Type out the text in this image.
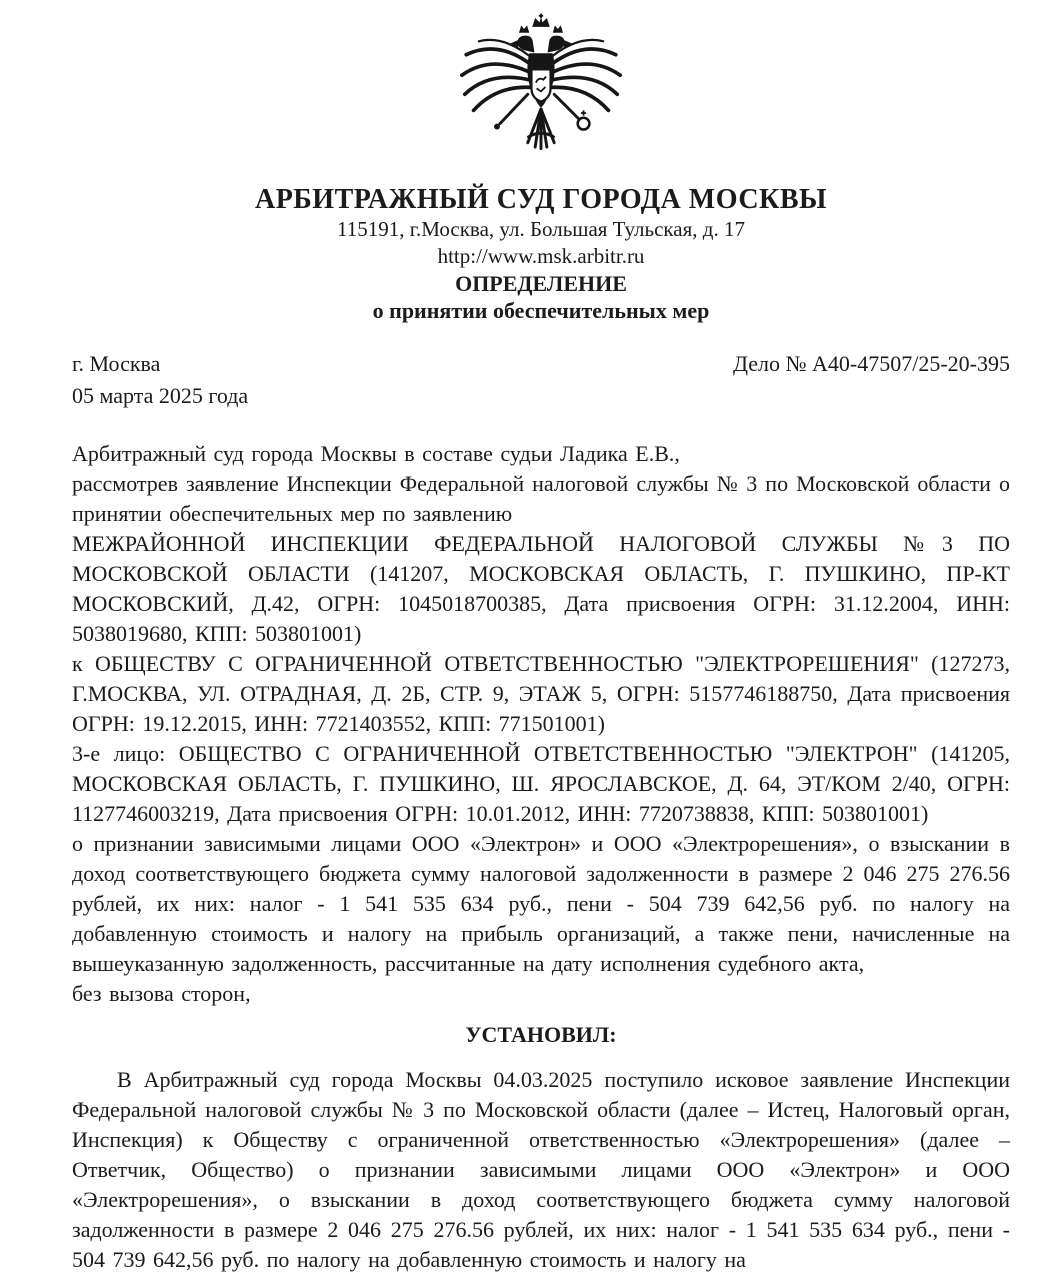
АРБИТРАЖНЫЙ СУД ГОРОДА МОСКВЫ
115191, г.Москва, ул. Большая Тульская, д. 17
http://www.msk.arbitr.ru
ОПРЕДЕЛЕНИЕ
о принятии обеспечительных мер
г. Москва
05 марта 2025 года
Дело № А40-47507/25-20-395

Арбитражный суд города Москвы в составе судьи Ладика Е.В.,

рассмотрев заявление Инспекции Федеральной налоговой службы № 3 по Московской области о принятии обеспечительных мер по заявлению

МЕЖРАЙОННОЙ ИНСПЕКЦИИ ФЕДЕРАЛЬНОЙ НАЛОГОВОЙ СЛУЖБЫ №3 ПО МОСКОВСКОЙ ОБЛАСТИ (141207, МОСКОВСКАЯ ОБЛАСТЬ, Г. ПУШКИНО, ПР-КТ МОСКОВСКИЙ, Д.42, ОГРН: 1045018700385, Дата присвоения ОГРН: 31.12.2004, ИНН: 5038019680, КПП: 503801001)

к ОБЩЕСТВУ С ОГРАНИЧЕННОЙ ОТВЕТСТВЕННОСТЬЮ "ЭЛЕКТРОРЕШЕНИЯ" (127273, Г.МОСКВА, УЛ. ОТРАДНАЯ, Д. 2Б, СТР. 9, ЭТАЖ 5, ОГРН: 5157746188750, Дата присвоения ОГРН: 19.12.2015, ИНН: 7721403552, КПП: 771501001)

3-е лицо: ОБЩЕСТВО С ОГРАНИЧЕННОЙ ОТВЕТСТВЕННОСТЬЮ "ЭЛЕКТРОН" (141205, МОСКОВСКАЯ ОБЛАСТЬ, Г. ПУШКИНО, Ш. ЯРОСЛАВСКОЕ, Д. 64, ЭТ/КОМ 2/40, ОГРН: 1127746003219, Дата присвоения ОГРН: 10.01.2012, ИНН: 7720738838, КПП: 503801001)

о признании зависимыми лицами ООО «Электрон» и ООО «Электрорешения», о взыскании в доход соответствующего бюджета сумму налоговой задолженности в размере 2 046 275 276.56 рублей, их них: налог - 1 541 535 634 руб., пени - 504 739 642,56 руб. по налогу на добавленную стоимость и налогу на прибыль организаций, а также пени, начисленные на вышеуказанную задолженность, рассчитанные на дату исполнения судебного акта,

без вызова сторон,

УСТАНОВИЛ:

В Арбитражный суд города Москвы 04.03.2025 поступило исковое заявление Инспекции Федеральной налоговой службы № 3 по Московской области (далее – Истец, Налоговый орган, Инспекция) к Обществу с ограниченной ответственностью «Электрорешения» (далее – Ответчик, Общество) о признании зависимыми лицами ООО «Электрон» и ООО «Электрорешения», о взыскании в доход соответствующего бюджета сумму налоговой задолженности в размере 2 046 275 276.56 рублей, их них: налог - 1 541 535 634 руб., пени - 504 739 642,56 руб. по налогу на добавленную стоимость и налогу на
